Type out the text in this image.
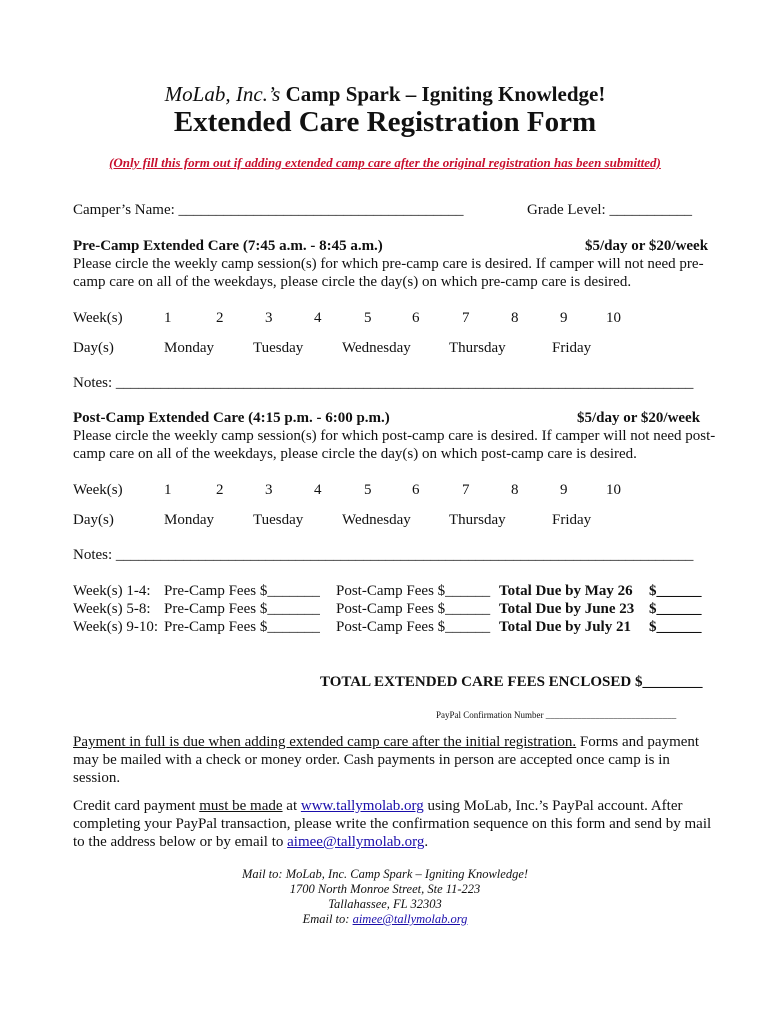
MoLab, Inc.’s Camp Spark – Igniting Knowledge!
Extended Care Registration Form
(Only fill this form out if adding extended camp care after the original registration has been submitted)
Camper’s Name: ______________________________________	Grade Level: ___________
Pre-Camp Extended Care (7:45 a.m. - 8:45 a.m.)	$5/day or $20/week
Please circle the weekly camp session(s) for which pre-camp care is desired. If camper will not need pre-
camp care on all of the weekdays, please circle the day(s) on which pre-camp care is desired.
Week(s)	1	2	3	4	5	6	7	8	9	10
Day(s)	Monday	Tuesday	Wednesday	Thursday	Friday
Notes: _____________________________________________________________________________
Post-Camp Extended Care (4:15 p.m. - 6:00 p.m.)	$5/day or $20/week
Please circle the weekly camp session(s) for which post-camp care is desired. If camper will not need post-
camp care on all of the weekdays, please circle the day(s) on which post-camp care is desired.
Week(s)	1	2	3	4	5	6	7	8	9	10
Day(s)	Monday	Tuesday	Wednesday	Thursday	Friday
Notes: _____________________________________________________________________________
Week(s) 1-4: Pre-Camp Fees $_______ Post-Camp Fees $______ Total Due by May 26 $______
Week(s) 5-8: Pre-Camp Fees $_______ Post-Camp Fees $______ Total Due by June 23 $______
Week(s) 9-10: Pre-Camp Fees $_______ Post-Camp Fees $______ Total Due by July 21 $______
TOTAL EXTENDED CARE FEES ENCLOSED $________
PayPal Confirmation Number _____________________________
Payment in full is due when adding extended camp care after the initial registration. Forms and payment may be mailed with a check or money order. Cash payments in person are accepted once camp is in session.
Credit card payment must be made at www.tallymolab.org using MoLab, Inc.’s PayPal account. After completing your PayPal transaction, please write the confirmation sequence on this form and send by mail to the address below or by email to aimee@tallymolab.org.
Mail to: MoLab, Inc. Camp Spark – Igniting Knowledge!
1700 North Monroe Street, Ste 11-223
Tallahassee, FL 32303
Email to: aimee@tallymolab.org
